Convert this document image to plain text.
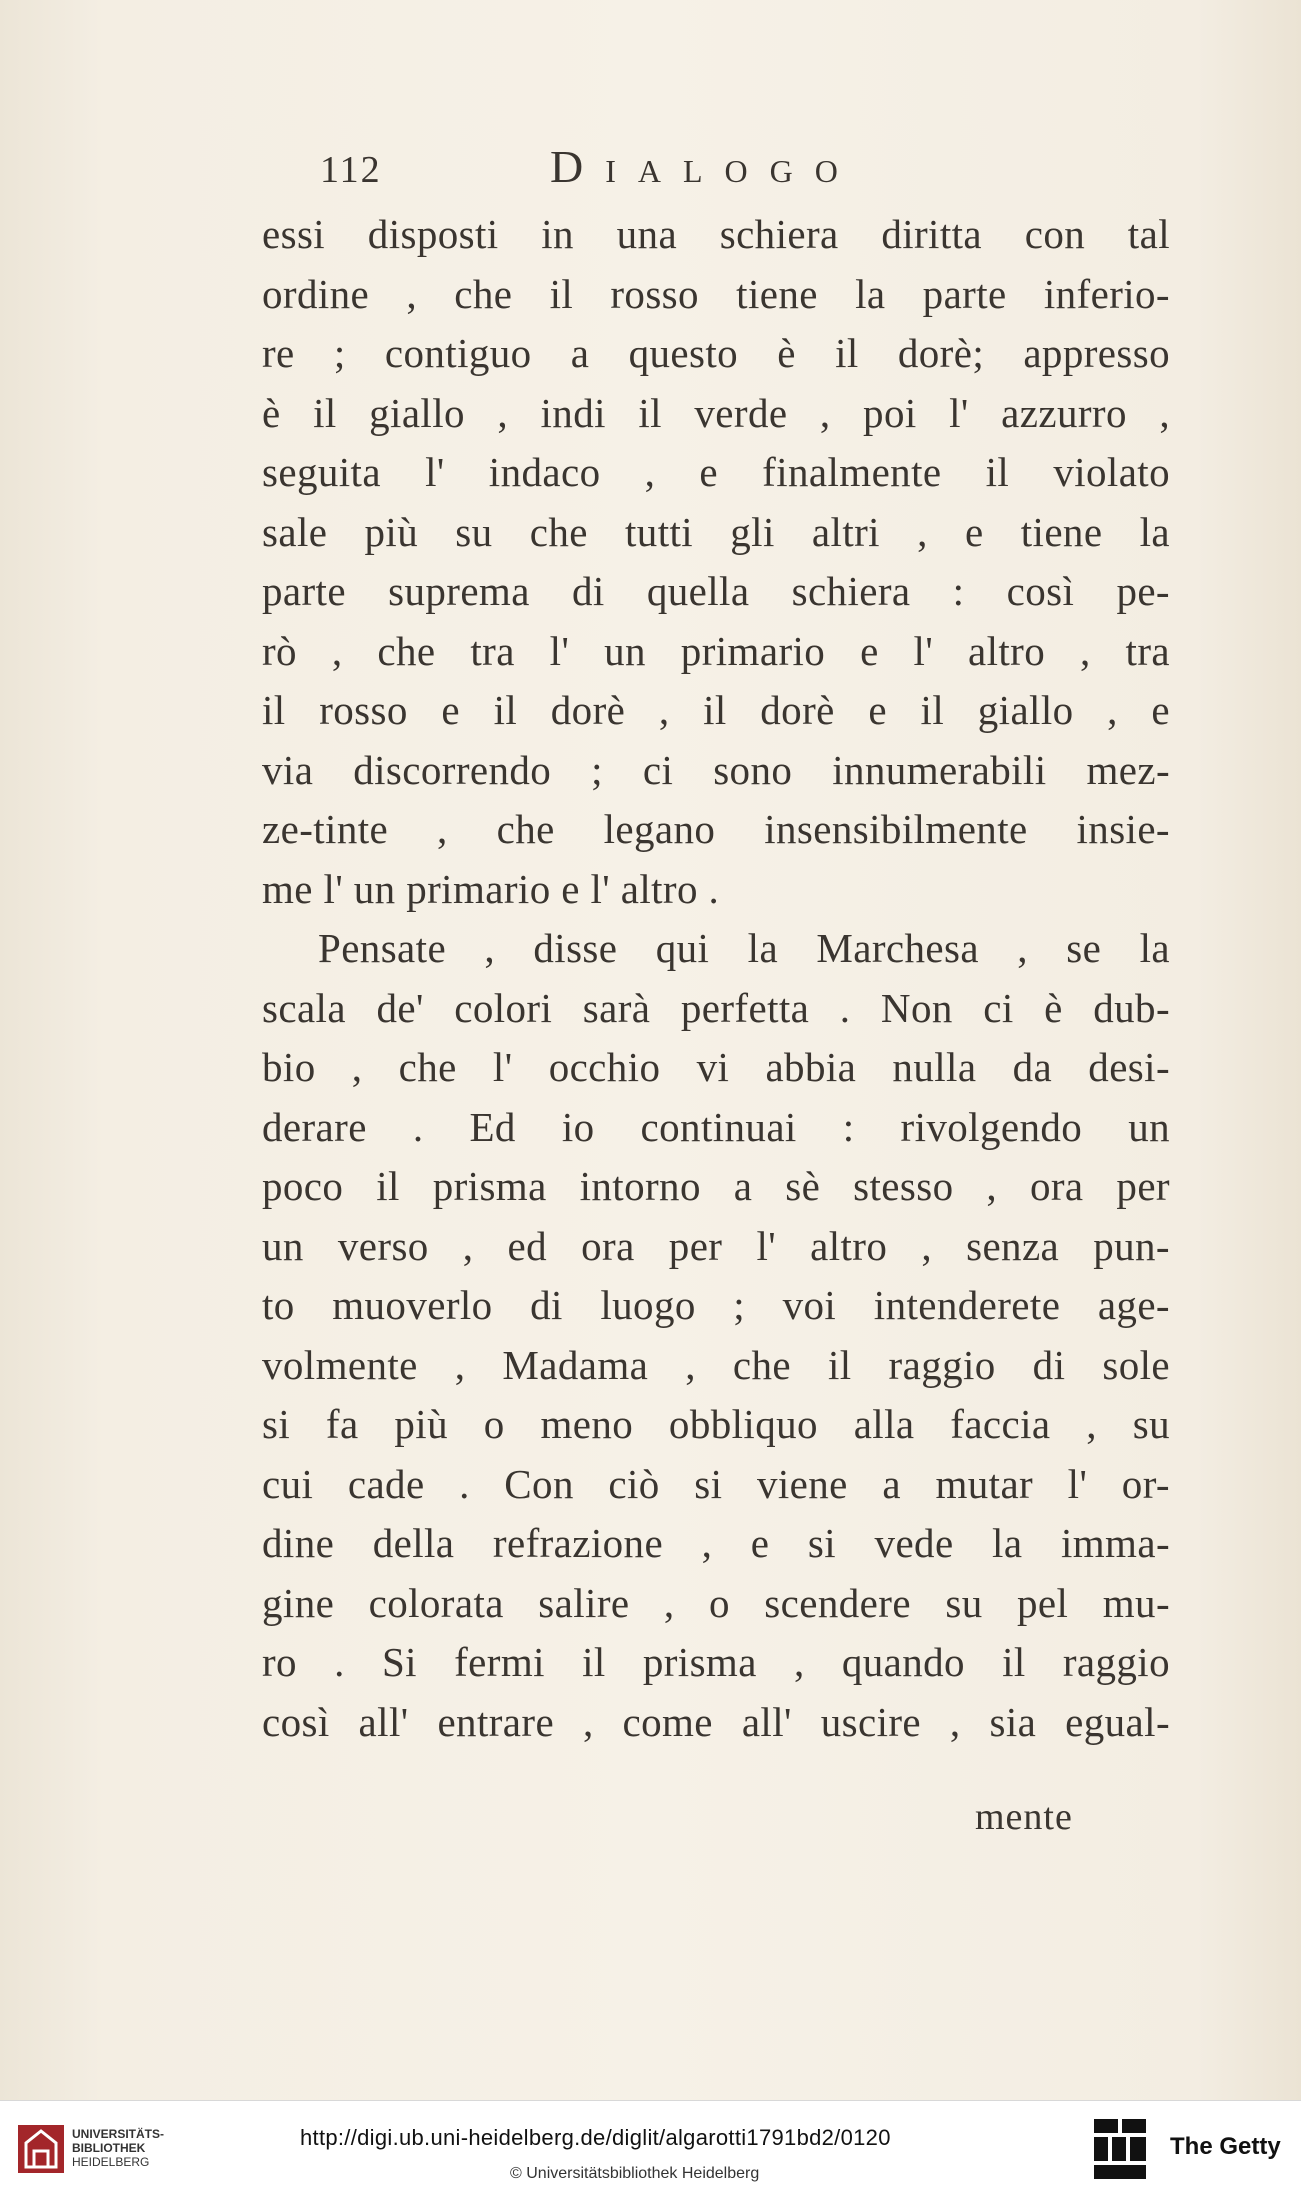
112	Dialogo
essi disposti in una schiera diritta con tal
ordine , che il rosso tiene la parte inferio-
re ; contiguo a questo è il dorè; appresso
è il giallo , indi il verde , poi l' azzurro ,
seguita l' indaco , e finalmente il violato
sale più su che tutti gli altri , e tiene la
parte suprema di quella schiera : così pe-
rò , che tra l' un primario e l' altro , tra
il rosso e il dorè , il dorè e il giallo , e
via discorrendo ; ci sono innumerabili mez-
ze-tinte , che legano insensibilmente insie-
me l' un primario e l' altro .
Pensate , disse qui la Marchesa , se la
scala de' colori sarà perfetta . Non ci è dub-
bio , che l' occhio vi abbia nulla da desi-
derare . Ed io continuai : rivolgendo un
poco il prisma intorno a sè stesso , ora per
un verso , ed ora per l' altro , senza pun-
to muoverlo di luogo ; voi intenderete age-
volmente , Madama , che il raggio di sole
si fa più o meno obbliquo alla faccia , su
cui cade . Con ciò si viene a mutar l' or-
dine della refrazione , e si vede la imma-
gine colorata salire , o scendere su pel mu-
ro . Si fermi il prisma , quando il raggio
così all' entrare , come all' uscire , sia egual-
mente
UNIVERSITÄTS-
BIBLIOTHEK
HEIDELBERG
http://digi.ub.uni-heidelberg.de/diglit/algarotti1791bd2/0120
© Universitätsbibliothek Heidelberg
The Getty
